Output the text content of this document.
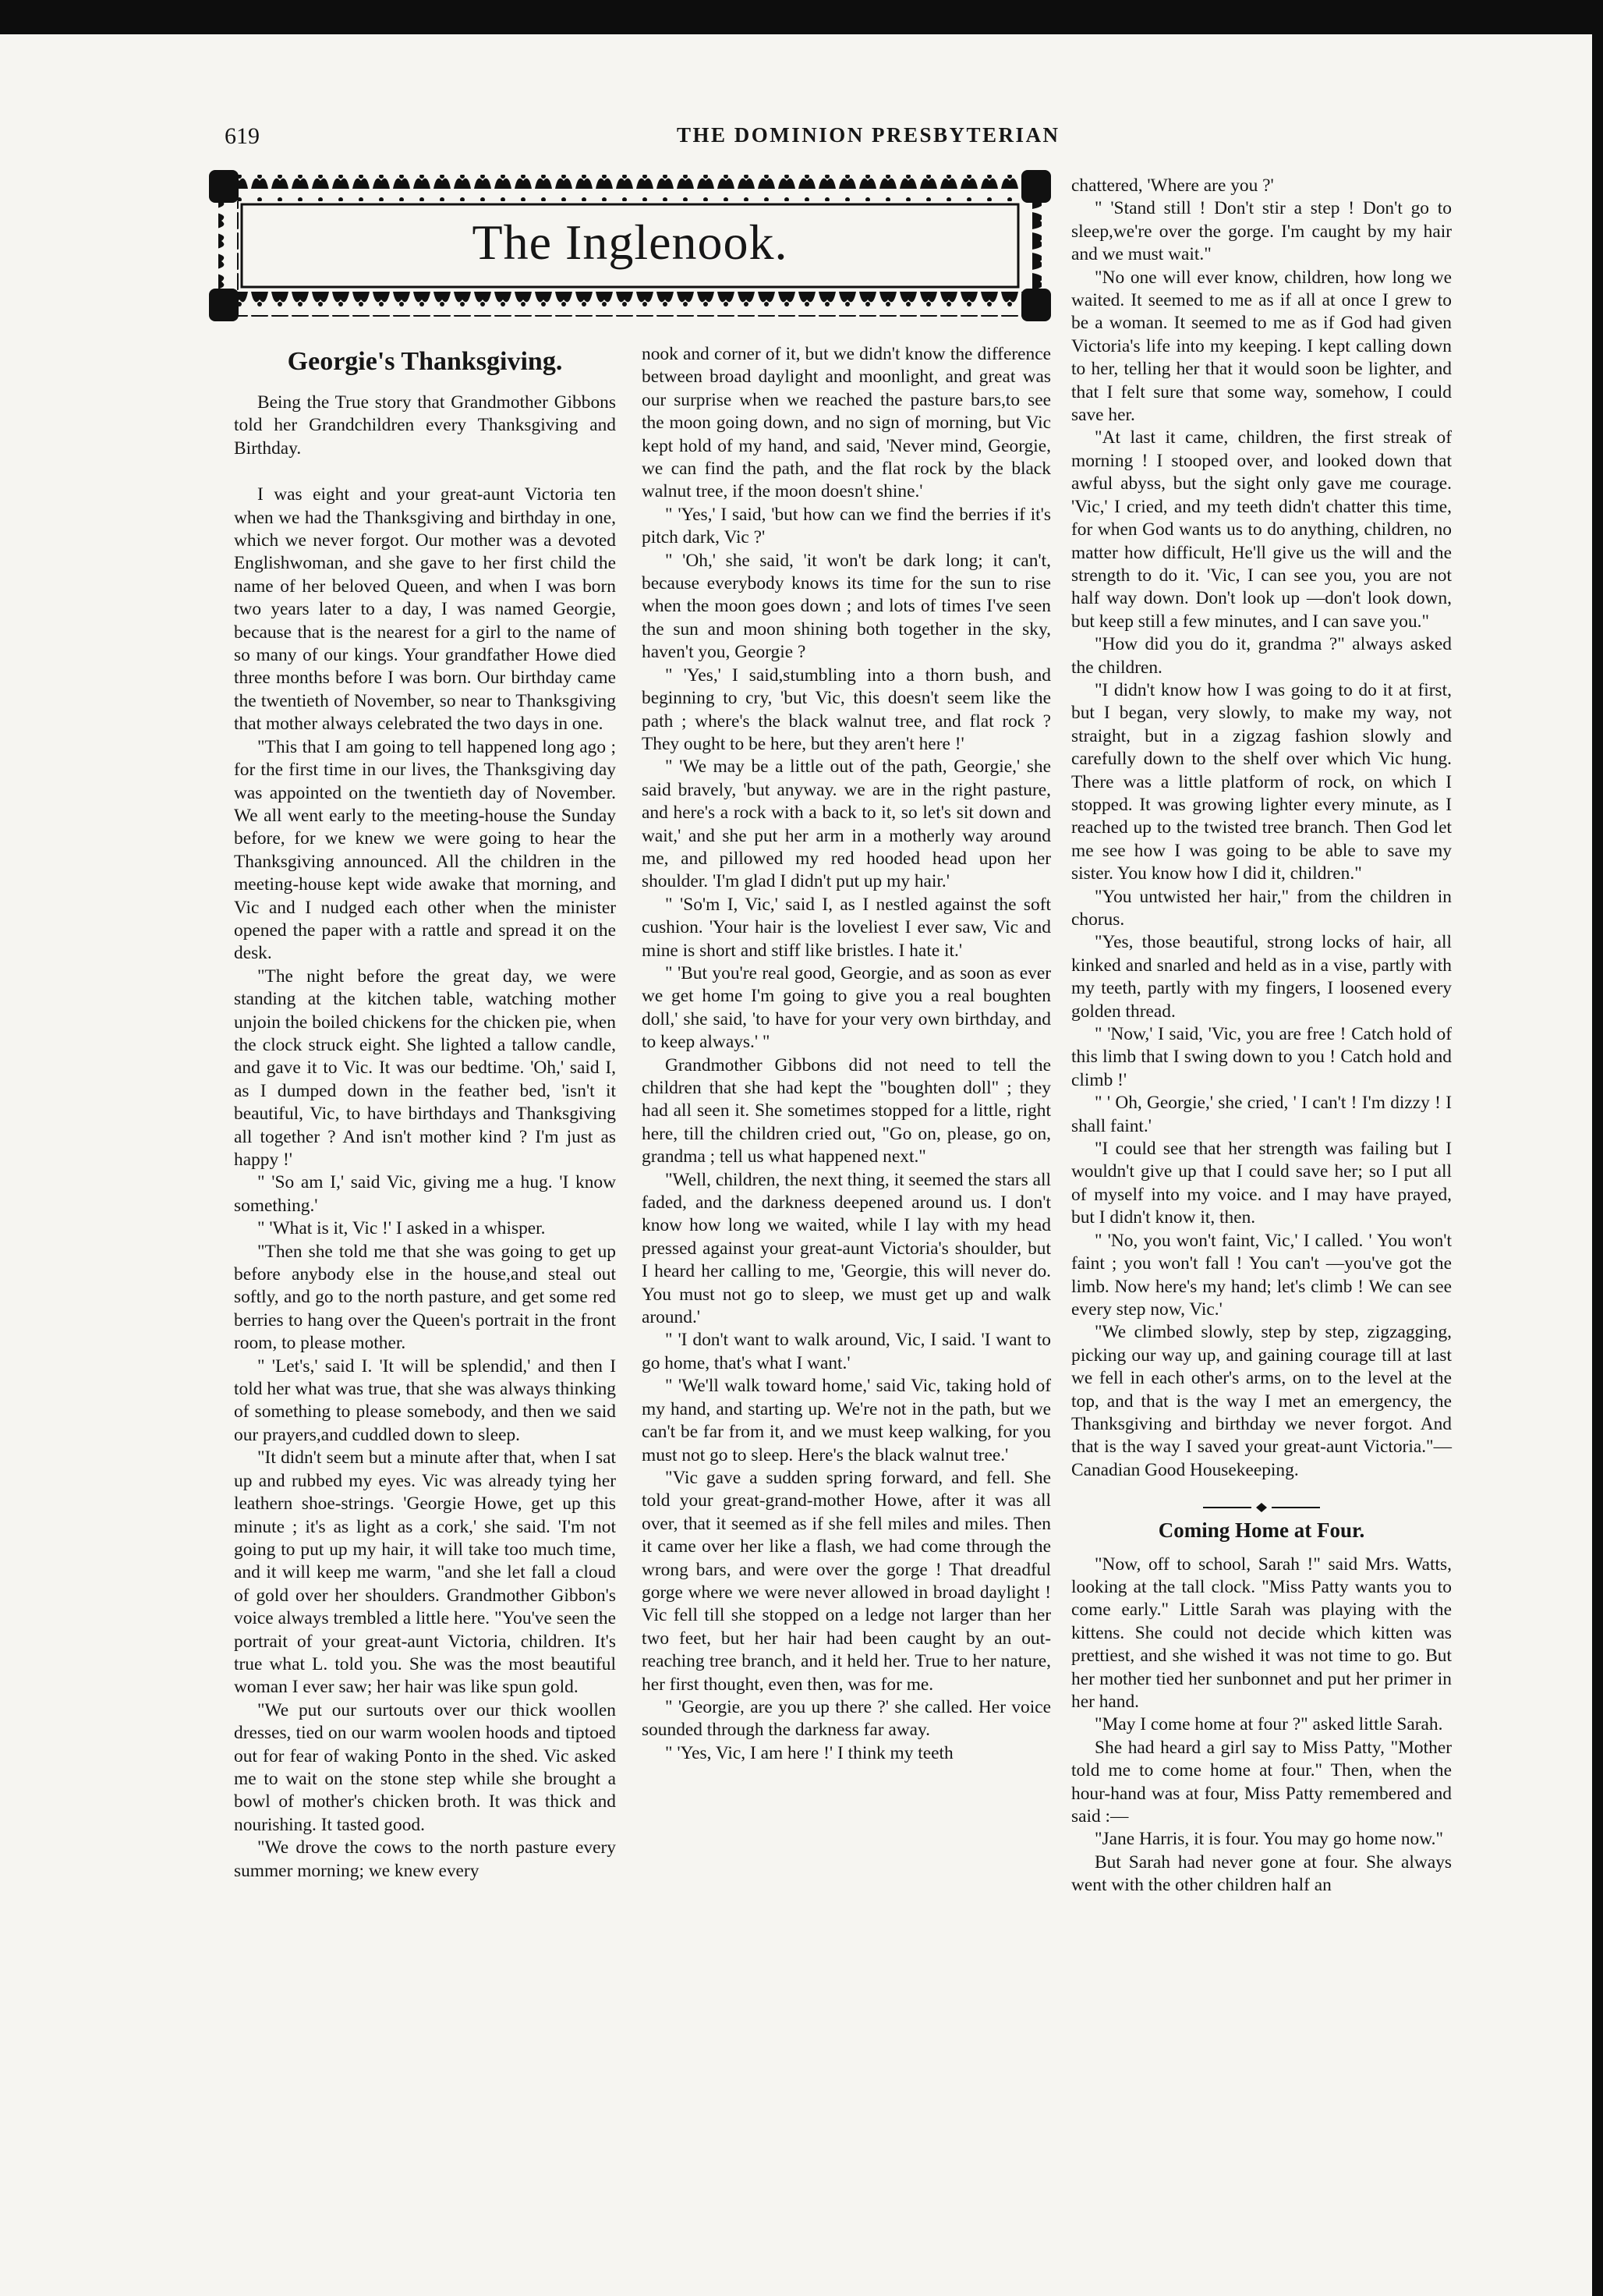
619	THE DOMINION PRESBYTERIAN
The Inglenook.
Georgie's Thanksgiving.

Being the True story that Grandmother Gibbons told her Grandchildren every Thanksgiving and Birthday.

I was eight and your great-aunt Victoria ten when we had the Thanksgiving and birthday in one, which we never forgot. Our mother was a devoted Englishwoman, and she gave to her first child the name of her beloved Queen, and when I was born two years later to a day, I was named Georgie, because that is the nearest for a girl to the name of so many of our kings. Your grandfather Howe died three months before I was born. Our birthday came the twentieth of November, so near to Thanksgiving that mother always celebrated the two days in one.

"This that I am going to tell happened long ago ; for the first time in our lives, the Thanksgiving day was appointed on the twentieth day of November. We all went early to the meeting-house the Sunday before, for we knew we were going to hear the Thanksgiving announced. All the children in the meeting-house kept wide awake that morning, and Vic and I nudged each other when the minister opened the paper with a rattle and spread it on the desk.

"The night before the great day, we were standing at the kitchen table, watching mother unjoin the boiled chickens for the chicken pie, when the clock struck eight. She lighted a tallow candle, and gave it to Vic. It was our bedtime. 'Oh,' said I, as I dumped down in the feather bed, 'isn't it beautiful, Vic, to have birthdays and Thanksgiving all together ? And isn't mother kind ? I'm just as happy !'

" 'So am I,' said Vic, giving me a hug. 'I know something.'

" 'What is it, Vic !' I asked in a whisper.

"Then she told me that she was going to get up before anybody else in the house,and steal out softly, and go to the north pasture, and get some red berries to hang over the Queen's portrait in the front room, to please mother.

" 'Let's,' said I. 'It will be splendid,' and then I told her what was true, that she was always thinking of something to please somebody, and then we said our prayers,and cuddled down to sleep.

"It didn't seem but a minute after that, when I sat up and rubbed my eyes. Vic was already tying her leathern shoe-strings. 'Georgie Howe, get up this minute ; it's as light as a cork,' she said. 'I'm not going to put up my hair, it will take too much time, and it will keep me warm, "and she let fall a cloud of gold over her shoulders. Grandmother Gibbon's voice always trembled a little here. "You've seen the portrait of your great-aunt Victoria, children. It's true what L. told you. She was the most beautiful woman I ever saw; her hair was like spun gold.

"We put our surtouts over our thick woollen dresses, tied on our warm woolen hoods and tiptoed out for fear of waking Ponto in the shed. Vic asked me to wait on the stone step while she brought a bowl of mother's chicken broth. It was thick and nourishing. It tasted good.

"We drove the cows to the north pasture every summer morning; we knew every

nook and corner of it, but we didn't know the difference between broad daylight and moonlight, and great was our surprise when we reached the pasture bars,to see the moon going down, and no sign of morning, but Vic kept hold of my hand, and said, 'Never mind, Georgie, we can find the path, and the flat rock by the black walnut tree, if the moon doesn't shine.'

" 'Yes,' I said, 'but how can we find the berries if it's pitch dark, Vic ?'

" 'Oh,' she said, 'it won't be dark long; it can't, because everybody knows its time for the sun to rise when the moon goes down ; and lots of times I've seen the sun and moon shining both together in the sky, haven't you, Georgie ?

" 'Yes,' I said,stumbling into a thorn bush, and beginning to cry, 'but Vic, this doesn't seem like the path ; where's the black walnut tree, and flat rock ? They ought to be here, but they aren't here !'

" 'We may be a little out of the path, Georgie,' she said bravely, 'but anyway. we are in the right pasture, and here's a rock with a back to it, so let's sit down and wait,' and she put her arm in a motherly way around me, and pillowed my red hooded head upon her shoulder. 'I'm glad I didn't put up my hair.'

" 'So'm I, Vic,' said I, as I nestled against the soft cushion. 'Your hair is the loveliest I ever saw, Vic and mine is short and stiff like bristles. I hate it.'

" 'But you're real good, Georgie, and as soon as ever we get home I'm going to give you a real boughten doll,' she said, 'to have for your very own birthday, and to keep always.' "

Grandmother Gibbons did not need to tell the children that she had kept the "boughten doll" ; they had all seen it. She sometimes stopped for a little, right here, till the children cried out, "Go on, please, go on, grandma ; tell us what happened next."

"Well, children, the next thing, it seemed the stars all faded, and the darkness deepened around us. I don't know how long we waited, while I lay with my head pressed against your great-aunt Victoria's shoulder, but I heard her calling to me, 'Georgie, this will never do. You must not go to sleep, we must get up and walk around.'

" 'I don't want to walk around, Vic, I said. 'I want to go home, that's what I want.'

" 'We'll walk toward home,' said Vic, taking hold of my hand, and starting up. We're not in the path, but we can't be far from it, and we must keep walking, for you must not go to sleep. Here's the black walnut tree.'

"Vic gave a sudden spring forward, and fell. She told your great-grand-mother Howe, after it was all over, that it seemed as if she fell miles and miles. Then it came over her like a flash, we had come through the wrong bars, and were over the gorge ! That dreadful gorge where we were never allowed in broad daylight ! Vic fell till she stopped on a ledge not larger than her two feet, but her hair had been caught by an out-reaching tree branch, and it held her. True to her nature, her first thought, even then, was for me.

" 'Georgie, are you up there ?' she called. Her voice sounded through the darkness far away.

" 'Yes, Vic, I am here !' I think my teeth

chattered, 'Where are you ?'

" 'Stand still ! Don't stir a step ! Don't go to sleep,we're over the gorge. I'm caught by my hair and we must wait."

"No one will ever know, children, how long we waited. It seemed to me as if all at once I grew to be a woman. It seemed to me as if God had given Victoria's life into my keeping. I kept calling down to her, telling her that it would soon be lighter, and that I felt sure that some way, somehow, I could save her.

"At last it came, children, the first streak of morning ! I stooped over, and looked down that awful abyss, but the sight only gave me courage. 'Vic,' I cried, and my teeth didn't chatter this time, for when God wants us to do anything, children, no matter how difficult, He'll give us the will and the strength to do it. 'Vic, I can see you, you are not half way down. Don't look up —don't look down, but keep still a few minutes, and I can save you."

"How did you do it, grandma ?" always asked the children.

"I didn't know how I was going to do it at first, but I began, very slowly, to make my way, not straight, but in a zigzag fashion slowly and carefully down to the shelf over which Vic hung. There was a little platform of rock, on which I stopped. It was growing lighter every minute, as I reached up to the twisted tree branch. Then God let me see how I was going to be able to save my sister. You know how I did it, children."

"You untwisted her hair," from the children in chorus.

"Yes, those beautiful, strong locks of hair, all kinked and snarled and held as in a vise, partly with my teeth, partly with my fingers, I loosened every golden thread.

" 'Now,' I said, 'Vic, you are free ! Catch hold of this limb that I swing down to you ! Catch hold and climb !'

" ' Oh, Georgie,' she cried, ' I can't ! I'm dizzy ! I shall faint.'

"I could see that her strength was failing but I wouldn't give up that I could save her; so I put all of myself into my voice. and I may have prayed, but I didn't know it, then.

" 'No, you won't faint, Vic,' I called. ' You won't faint ; you won't fall ! You can't —you've got the limb. Now here's my hand; let's climb ! We can see every step now, Vic.'

"We climbed slowly, step by step, zigzagging, picking our way up, and gaining courage till at last we fell in each other's arms, on to the level at the top, and that is the way I met an emergency, the Thanksgiving and birthday we never forgot. And that is the way I saved your great-aunt Victoria."—Canadian Good Housekeeping.

Coming Home at Four.

"Now, off to school, Sarah !" said Mrs. Watts, looking at the tall clock. "Miss Patty wants you to come early." Little Sarah was playing with the kittens. She could not decide which kitten was prettiest, and she wished it was not time to go. But her mother tied her sunbonnet and put her primer in her hand.

"May I come home at four ?" asked little Sarah.

She had heard a girl say to Miss Patty, "Mother told me to come home at four." Then, when the hour-hand was at four, Miss Patty remembered and said :—

"Jane Harris, it is four. You may go home now."

But Sarah had never gone at four. She always went with the other children half an
